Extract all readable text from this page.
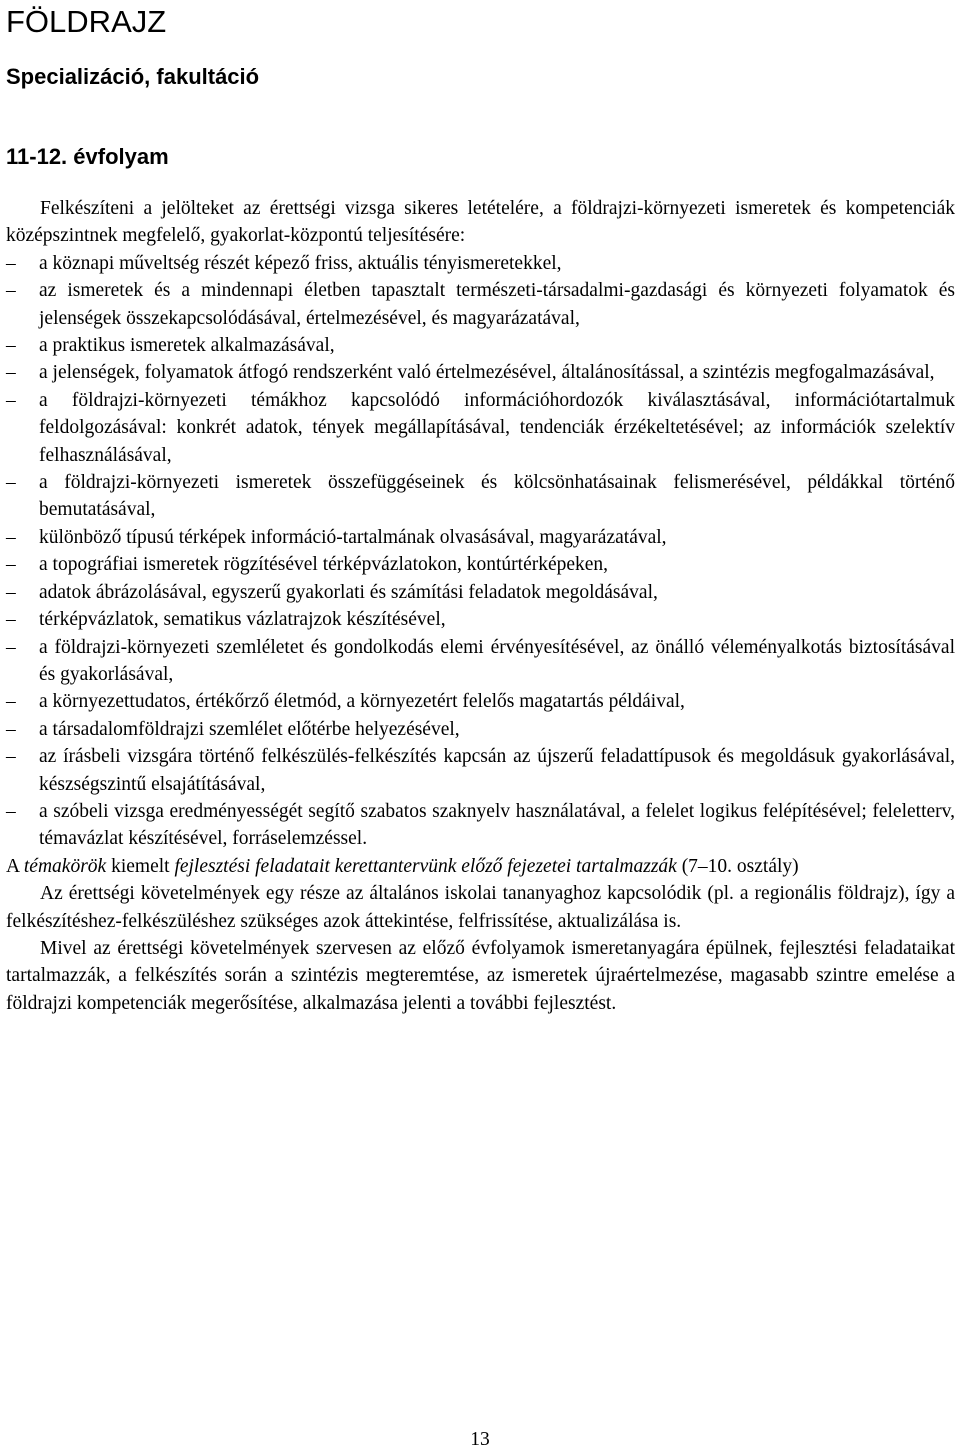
FÖLDRAJZ
Specializáció, fakultáció
11-12. évfolyam

Felkészíteni a jelölteket az érettségi vizsga sikeres letételére, a földrajzi-környezeti ismeretek és kompetenciák középszintnek megfelelő, gyakorlat-központú teljesítésére:

– a köznapi műveltség részét képező friss, aktuális tényismeretekkel,
– az ismeretek és a mindennapi életben tapasztalt természeti-társadalmi-gazdasági és környezeti folyamatok és jelenségek összekapcsolódásával, értelmezésével, és magyarázatával,
– a praktikus ismeretek alkalmazásával,
– a jelenségek, folyamatok átfogó rendszerként való értelmezésével, általánosítással, a szintézis megfogalmazásával,
– a földrajzi-környezeti témákhoz kapcsolódó információhordozók kiválasztásával, információtartalmuk feldolgozásával: konkrét adatok, tények megállapításával, tendenciák érzékeltetésével; az információk szelektív felhasználásával,
– a földrajzi-környezeti ismeretek összefüggéseinek és kölcsönhatásainak felismerésével, példákkal történő bemutatásával,
– különböző típusú térképek információ-tartalmának olvasásával, magyarázatával,
– a topográfiai ismeretek rögzítésével térképvázlatokon, kontúrtérképeken,
– adatok ábrázolásával, egyszerű gyakorlati és számítási feladatok megoldásával,
– térképvázlatok, sematikus vázlatrajzok készítésével,
– a földrajzi-környezeti szemléletet és gondolkodás elemi érvényesítésével, az önálló véleményalkotás biztosításával és gyakorlásával,
– a környezettudatos, értékőrző életmód, a környezetért felelős magatartás példáival,
– a társadalomföldrajzi szemlélet előtérbe helyezésével,
– az írásbeli vizsgára történő felkészülés-felkészítés kapcsán az újszerű feladattípusok és megoldásuk gyakorlásával, készségszintű elsajátításával,
– a szóbeli vizsga eredményességét segítő szabatos szaknyelv használatával, a felelet logikus felépítésével; feleletterv, témavázlat készítésével, forráselemzéssel.

A témakörök kiemelt fejlesztési feladatait kerettantervünk előző fejezetei tartalmazzák (7–10. osztály)

Az érettségi követelmények egy része az általános iskolai tananyaghoz kapcsolódik (pl. a regionális földrajz), így a felkészítéshez-felkészüléshez szükséges azok áttekintése, felfrissítése, aktualizálása is.

Mivel az érettségi követelmények szervesen az előző évfolyamok ismeretanyagára épülnek, fejlesztési feladataikat tartalmazzák, a felkészítés során a szintézis megteremtése, az ismeretek újraértelmezése, magasabb szintre emelése a földrajzi kompetenciák megerősítése, alkalmazása jelenti a további fejlesztést.

13
